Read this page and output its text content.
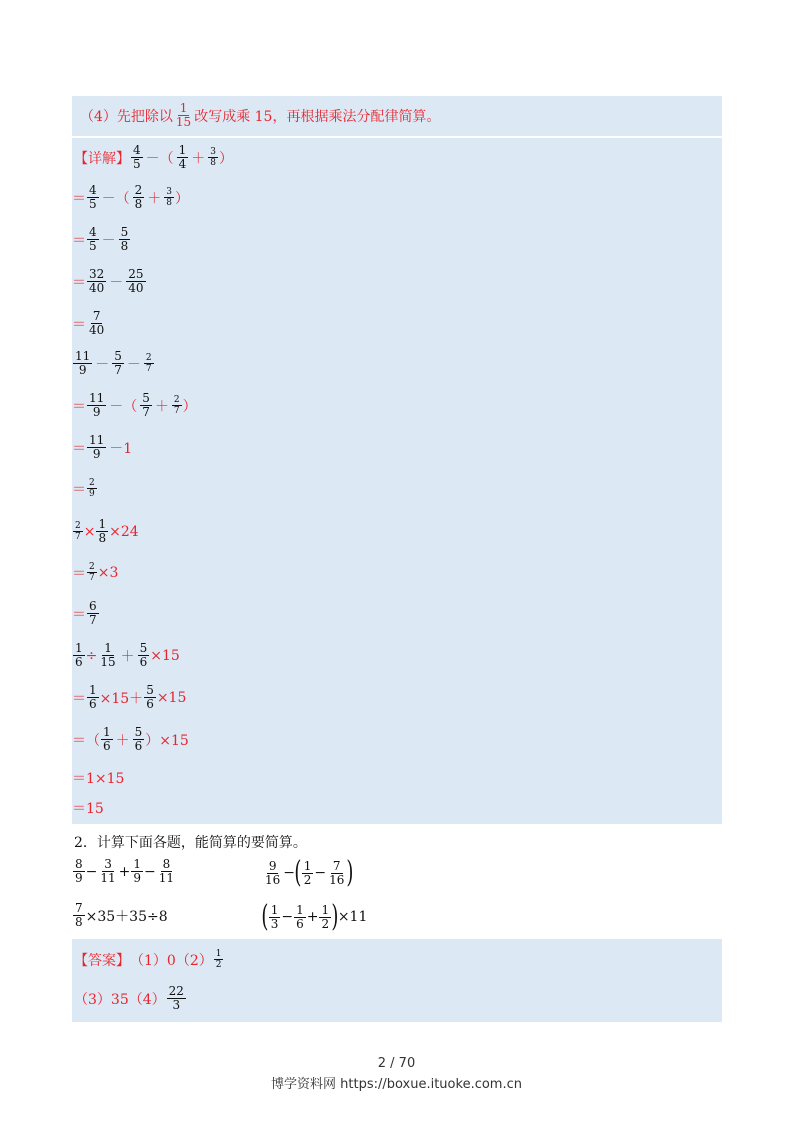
（4）先把除以 $\frac{1}{15}$ 改写成乘 15，再根据乘法分配律简算。
【详解】 $\frac{4}{5}$ －（ $\frac{1}{4} + \frac{3}{8}$ ）
＝ $\frac{4}{5}$ －（ $\frac{2}{8} + \frac{3}{8}$ ）
＝ $\frac{4}{5} - \frac{5}{8}$
＝ $\frac{32}{40} - \frac{25}{40}$
＝ $\frac{7}{40}$
$\frac{11}{9} - \frac{5}{7} - \frac{2}{7}$
＝ $\frac{11}{9}$ －（ $\frac{5}{7} + \frac{2}{7}$ ）
＝ $\frac{11}{9} -1$
＝ $\frac{2}{9}$
$\frac{2}{7} \times \frac{1}{8} \times 24$
＝ $\frac{2}{7} \times 3$
＝ $\frac{6}{7}$
$\frac{1}{6} \div \frac{1}{15} + \frac{5}{6} \times 15$
＝ $\frac{1}{6} \times 15+ \frac{5}{6} \times 15$
＝（ $\frac{1}{6} + \frac{5}{6} )\times 15$
＝1×15
＝15
2．计算下面各题，能简算的要简算。
$\frac{8}{9} - \frac{3}{11} + \frac{1}{9} - \frac{8}{11}$	$\frac{9}{16}$ − ( $\frac{1}{2} - \frac{7}{16}$ )
$\frac{7}{8} \times 35+35\div 8$	( $\frac{1}{3} - \frac{1}{6} + \frac{1}{2}$ ) ×11
【答案】 $(1)0(2) \frac{1}{2}$
$(3)35(4) \frac{22}{3}$
2 / 70
博学资料网 https://boxue.ituoke.com.cn
